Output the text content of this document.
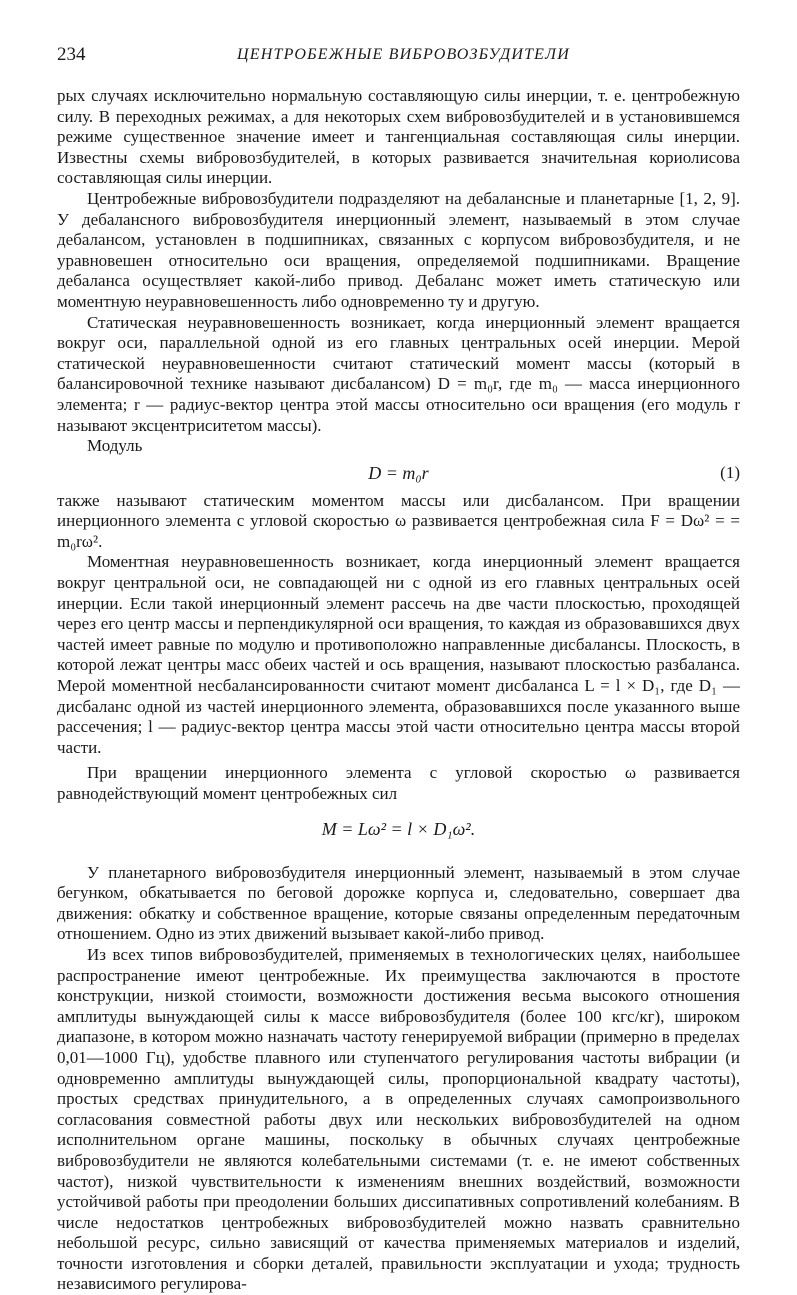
234	ЦЕНТРОБЕЖНЫЕ ВИБРОВОЗБУДИТЕЛИ

рых случаях исключительно нормальную составляющую силы инерции, т. е. центробежную силу. В переходных режимах, а для некоторых схем вибровозбудителей и в установившемся режиме существенное значение имеет и тангенциальная составляющая силы инерции. Известны схемы вибровозбудителей, в которых развивается значительная кориолисова составляющая силы инерции.

Центробежные вибровозбудители подразделяют на дебалансные и планетарные [1, 2, 9]. У дебалансного вибровозбудителя инерционный элемент, называемый в этом случае дебалансом, установлен в подшипниках, связанных с корпусом вибровозбудителя, и не уравновешен относительно оси вращения, определяемой подшипниками. Вращение дебаланса осуществляет какой-либо привод. Дебаланс может иметь статическую или моментную неуравновешенность либо одновременно ту и другую.

Статическая неуравновешенность возникает, когда инерционный элемент вращается вокруг оси, параллельной одной из его главных центральных осей инерции. Мерой статической неуравновешенности считают статический момент массы (который в балансировочной технике называют дисбалансом) D = m₀r, где m₀ — масса инерционного элемента; r — радиус-вектор центра этой массы относительно оси вращения (его модуль r называют эксцентриситетом массы).

Модуль

D = m₀r	(1)

также называют статическим моментом массы или дисбалансом. При вращении инерционного элемента с угловой скоростью ω развивается центробежная сила F = Dω² = = m₀rω².

Моментная неуравновешенность возникает, когда инерционный элемент вращается вокруг центральной оси, не совпадающей ни с одной из его главных центральных осей инерции. Если такой инерционный элемент рассечь на две части плоскостью, проходящей через его центр массы и перпендикулярной оси вращения, то каждая из образовавшихся двух частей имеет равные по модулю и противоположно направленные дисбалансы. Плоскость, в которой лежат центры масс обеих частей и ось вращения, называют плоскостью разбаланса. Мерой моментной несбалансированности считают момент дисбаланса L = l × D₁, где D₁ — дисбаланс одной из частей инерционного элемента, образовавшихся после указанного выше рассечения; l — радиус-вектор центра массы этой части относительно центра массы второй части.

При вращении инерционного элемента с угловой скоростью ω развивается равнодействующий момент центробежных сил

M = Lω² = l × D₁ω².

У планетарного вибровозбудителя инерционный элемент, называемый в этом случае бегунком, обкатывается по беговой дорожке корпуса и, следовательно, совершает два движения: обкатку и собственное вращение, которые связаны определенным передаточным отношением. Одно из этих движений вызывает какой-либо привод.

Из всех типов вибровозбудителей, применяемых в технологических целях, наибольшее распространение имеют центробежные. Их преимущества заключаются в простоте конструкции, низкой стоимости, возможности достижения весьма высокого отношения амплитуды вынуждающей силы к массе вибровозбудителя (более 100 кгс/кг), широком диапазоне, в котором можно назначать частоту генерируемой вибрации (примерно в пределах 0,01—1000 Гц), удобстве плавного или ступенчатого регулирования частоты вибрации (и одновременно амплитуды вынуждающей силы, пропорциональной квадрату частоты), простых средствах принудительного, а в определенных случаях самопроизвольного согласования совместной работы двух или нескольких вибровозбудителей на одном исполнительном органе машины, поскольку в обычных случаях центробежные вибровозбудители не являются колебательными системами (т. е. не имеют собственных частот), низкой чувствительности к изменениям внешних воздействий, возможности устойчивой работы при преодолении больших диссипативных сопротивлений колебаниям. В числе недостатков центробежных вибровозбудителей можно назвать сравнительно небольшой ресурс, сильно зависящий от качества применяемых материалов и изделий, точности изготовления и сборки деталей, правильности эксплуатации и ухода; трудность независимого регулирова-
